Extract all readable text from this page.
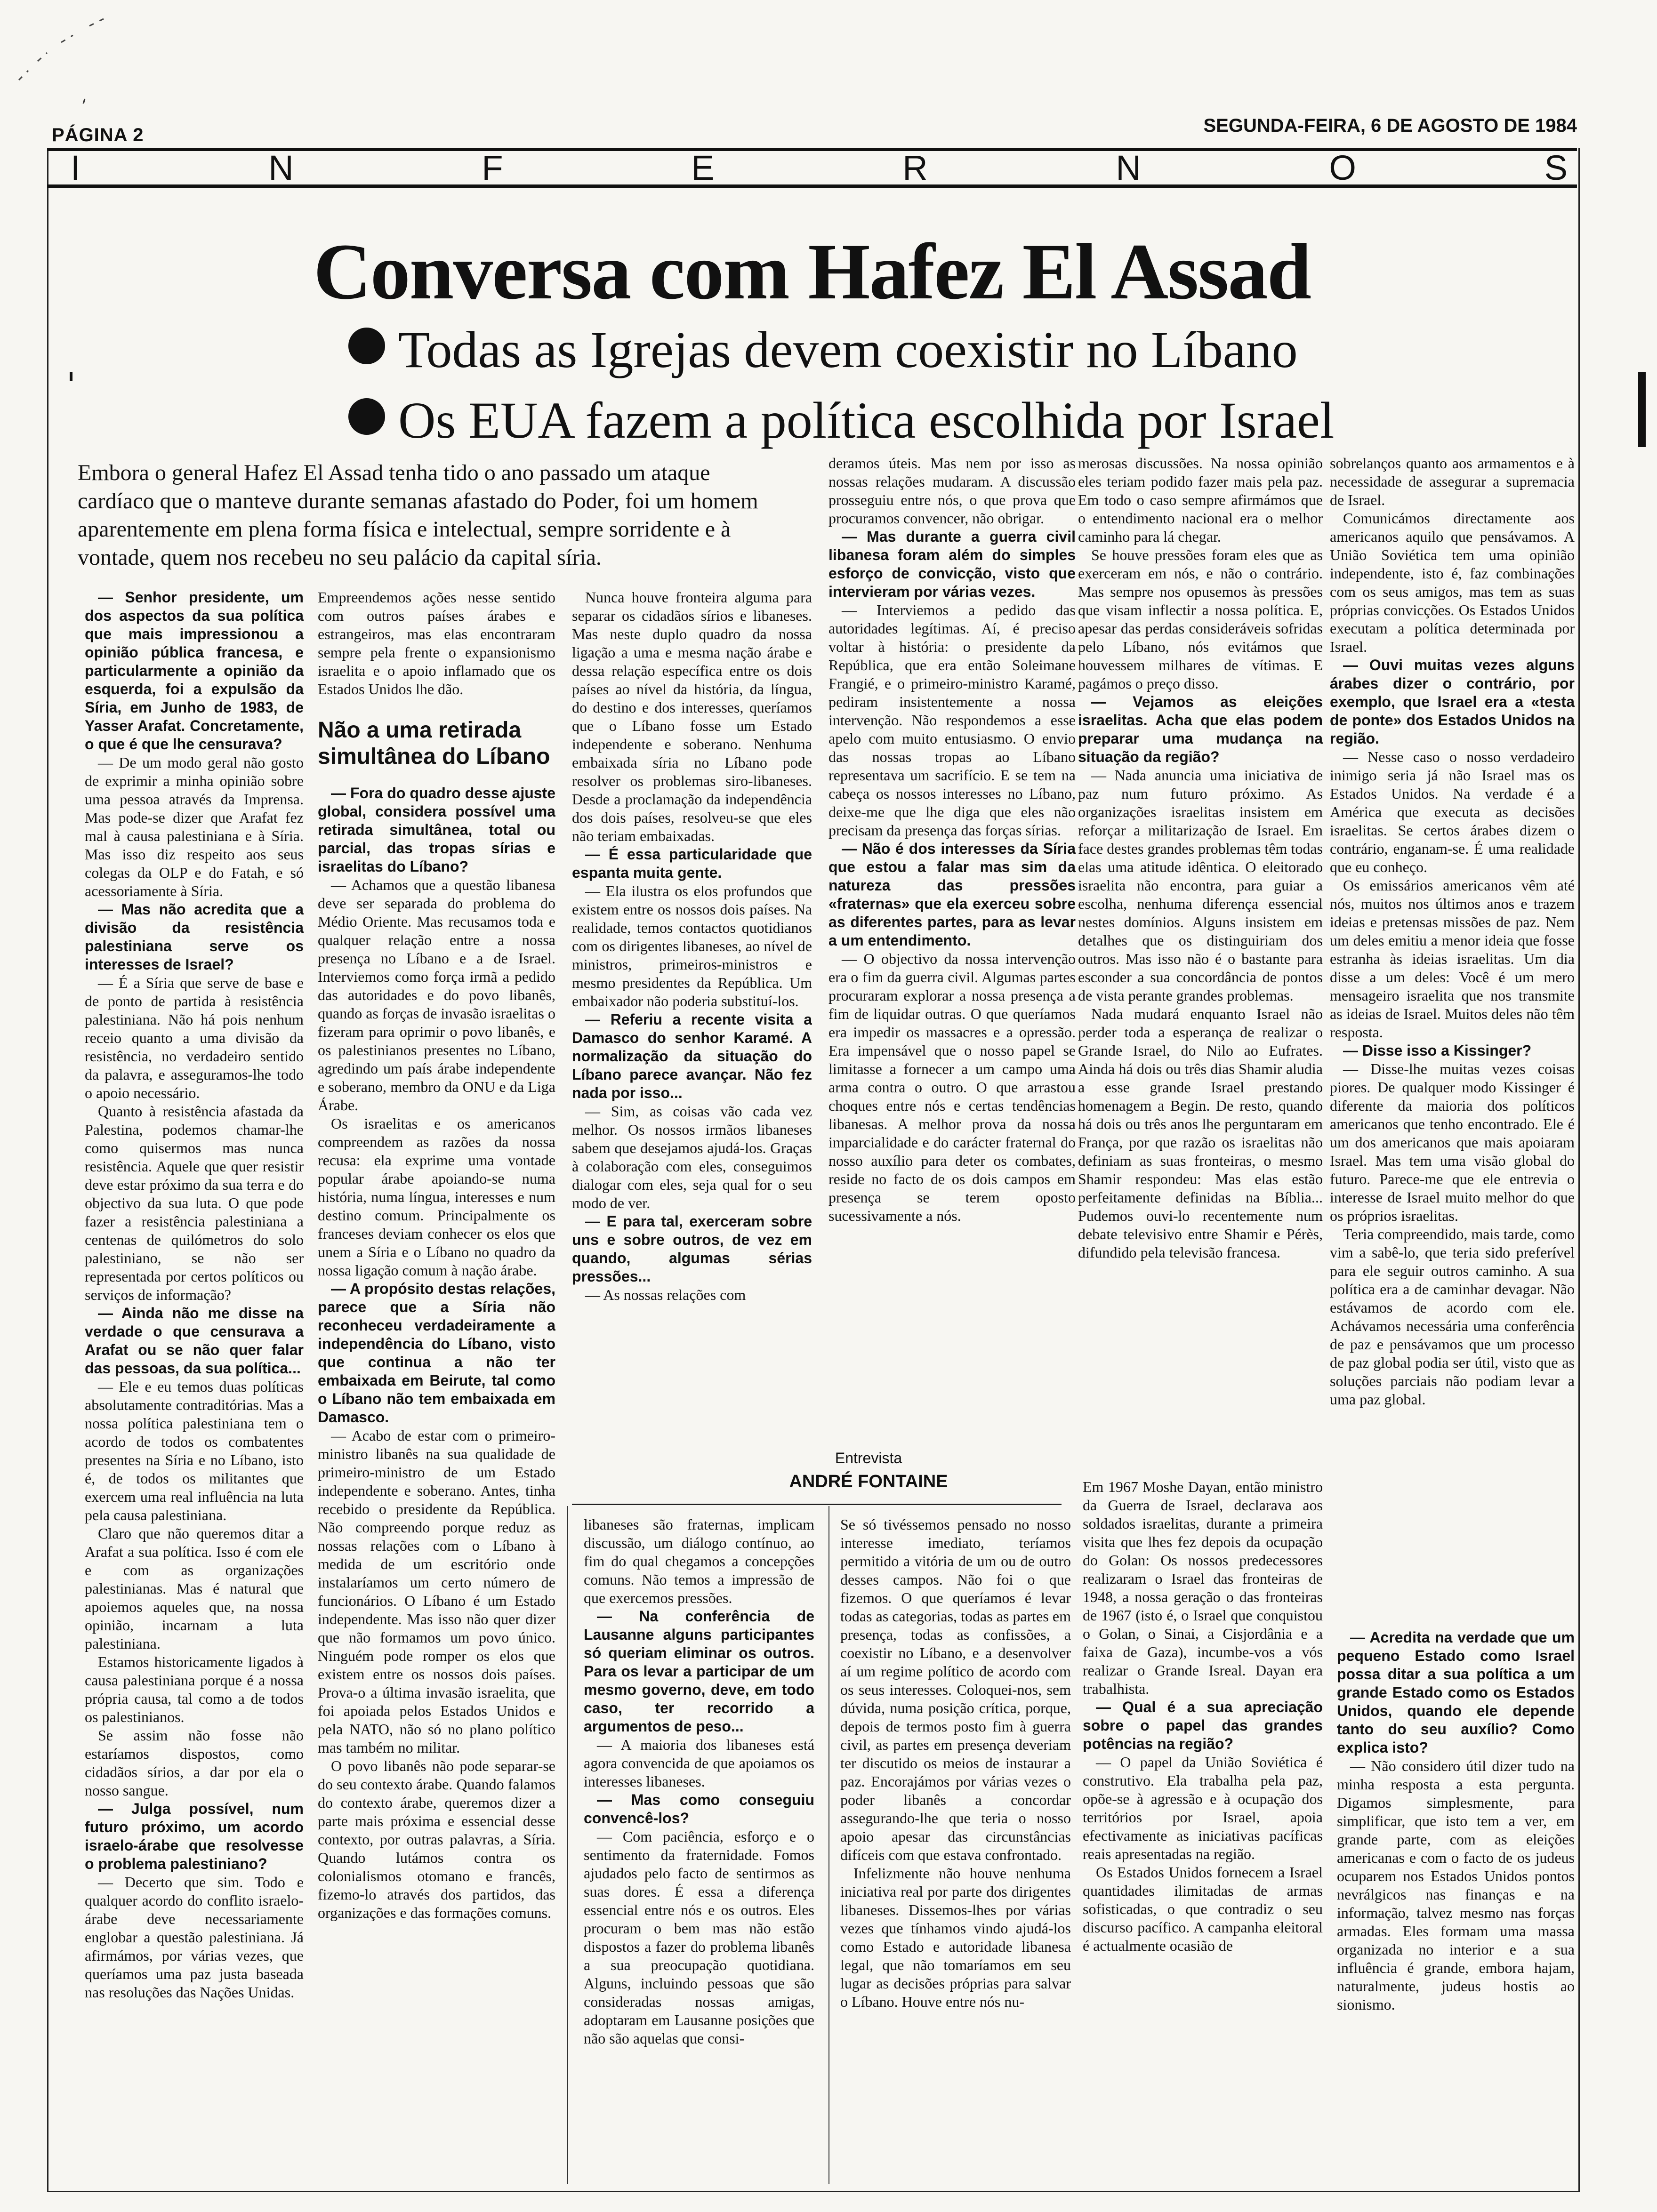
PÁGINA 2	SEGUNDA-FEIRA, 6 DE AGOSTO DE 1984
I	N	F	E	R	N	O	S
Conversa com Hafez El Assad
Todas as Igrejas devem coexistir no Líbano
Os EUA fazem a política escolhida por Israel
Embora o general Hafez El Assad tenha tido o ano passado um ataque cardíaco que o manteve durante semanas afastado do Poder, foi um homem aparentemente em plena forma física e intelectual, sempre sorridente e à vontade, quem nos recebeu no seu palácio da capital síria.

— Senhor presidente, um dos aspectos da sua política que mais impressionou a opinião pública francesa, e particularmente a opinião da esquerda, foi a expulsão da Síria, em Junho de 1983, de Yasser Arafat. Concretamente, o que é que lhe censurava?

— De um modo geral não gosto de exprimir a minha opinião sobre uma pessoa através da Imprensa. Mas pode-se dizer que Arafat fez mal à causa palestiniana e à Síria. Mas isso diz respeito aos seus colegas da OLP e do Fatah, e só acessoriamente à Síria.

— Mas não acredita que a divisão da resistência palestiniana serve os interesses de Israel?

— É a Síria que serve de base e de ponto de partida à resistência palestiniana. Não há pois nenhum receio quanto a uma divisão da resistência, no verdadeiro sentido da palavra, e asseguramos-lhe todo o apoio necessário.

Quanto à resistência afastada da Palestina, podemos chamar-lhe como quisermos mas nunca resistência. Aquele que quer resistir deve estar próximo da sua terra e do objectivo da sua luta. O que pode fazer a resistência palestiniana a centenas de quilómetros do solo palestiniano, se não ser representada por certos políticos ou serviços de informação?

— Ainda não me disse na verdade o que censurava a Arafat ou se não quer falar das pessoas, da sua política...

— Ele e eu temos duas políticas absolutamente contraditórias. Mas a nossa política palestiniana tem o acordo de todos os combatentes presentes na Síria e no Líbano, isto é, de todos os militantes que exercem uma real influência na luta pela causa palestiniana.

Claro que não queremos ditar a Arafat a sua política. Isso é com ele e com as organizações palestinianas. Mas é natural que apoiemos aqueles que, na nossa opinião, incarnam a luta palestiniana.

Estamos historicamente ligados à causa palestiniana porque é a nossa própria causa, tal como a de todos os palestinianos.

Se assim não fosse não estaríamos dispostos, como cidadãos sírios, a dar por ela o nosso sangue.

— Julga possível, num futuro próximo, um acordo israelo-árabe que resolvesse o problema palestiniano?

— Decerto que sim. Todo e qualquer acordo do conflito israelo-árabe deve necessariamente englobar a questão palestiniana. Já afirmámos, por várias vezes, que queríamos uma paz justa baseada nas resoluções das Nações Unidas.

Empreendemos ações nesse sentido com outros países árabes e estrangeiros, mas elas encontraram sempre pela frente o expansionismo israelita e o apoio inflamado que os Estados Unidos lhe dão.

Não a uma retirada simultânea do Líbano

— Fora do quadro desse ajuste global, considera possível uma retirada simultânea, total ou parcial, das tropas sírias e israelitas do Líbano?

— Achamos que a questão libanesa deve ser separada do problema do Médio Oriente. Mas recusamos toda e qualquer relação entre a nossa presença no Líbano e a de Israel. Interviemos como força irmã a pedido das autoridades e do povo libanês, quando as forças de invasão israelitas o fizeram para oprimir o povo libanês, e os palestinianos presentes no Líbano, agredindo um país árabe independente e soberano, membro da ONU e da Liga Árabe.

Os israelitas e os americanos compreendem as razões da nossa recusa: ela exprime uma vontade popular árabe apoiando-se numa história, numa língua, interesses e num destino comum. Principalmente os franceses deviam conhecer os elos que unem a Síria e o Líbano no quadro da nossa ligação comum à nação árabe.

— A propósito destas relações, parece que a Síria não reconheceu verdadeiramente a independência do Líbano, visto que continua a não ter embaixada em Beirute, tal como o Líbano não tem embaixada em Damasco.

— Acabo de estar com o primeiro-ministro libanês na sua qualidade de primeiro-ministro de um Estado independente e soberano. Antes, tinha recebido o presidente da República. Não compreendo porque reduz as nossas relações com o Líbano à medida de um escritório onde instalaríamos um certo número de funcionários. O Líbano é um Estado independente. Mas isso não quer dizer que não formamos um povo único. Ninguém pode romper os elos que existem entre os nossos dois países. Prova-o a última invasão israelita, que foi apoiada pelos Estados Unidos e pela NATO, não só no plano político mas também no militar.

O povo libanês não pode separar-se do seu contexto árabe. Quando falamos do contexto árabe, queremos dizer a parte mais próxima e essencial desse contexto, por outras palavras, a Síria. Quando lutámos contra os colonialismos otomano e francês, fizemo-lo através dos partidos, das organizações e das formações comuns.

Nunca houve fronteira alguma para separar os cidadãos sírios e libaneses. Mas neste duplo quadro da nossa ligação a uma e mesma nação árabe e dessa relação específica entre os dois países ao nível da história, da língua, do destino e dos interesses, queríamos que o Líbano fosse um Estado independente e soberano. Nenhuma embaixada síria no Líbano pode resolver os problemas siro-libaneses. Desde a proclamação da independência dos dois países, resolveu-se que eles não teriam embaixadas.

— É essa particularidade que espanta muita gente.

— Ela ilustra os elos profundos que existem entre os nossos dois países. Na realidade, temos contactos quotidianos com os dirigentes libaneses, ao nível de ministros, primeiros-ministros e mesmo presidentes da República. Um embaixador não poderia substituí-los.

— Referiu a recente visita a Damasco do senhor Karamé. A normalização da situação do Líbano parece avançar. Não fez nada por isso...

— Sim, as coisas vão cada vez melhor. Os nossos irmãos libaneses sabem que desejamos ajudá-los. Graças à colaboração com eles, conseguimos dialogar com eles, seja qual for o seu modo de ver.

— E para tal, exerceram sobre uns e sobre outros, de vez em quando, algumas sérias pressões...

— As nossas relações com

deramos úteis. Mas nem por isso as nossas relações mudaram. A discussão prosseguiu entre nós, o que prova que procuramos convencer, não obrigar.

— Mas durante a guerra civil libanesa foram além do simples esforço de convicção, visto que intervieram por várias vezes.

— Interviemos a pedido das autoridades legítimas. Aí, é preciso voltar à história: o presidente da República, que era então Soleimane Frangié, e o primeiro-ministro Karamé, pediram insistentemente a nossa intervenção. Não respondemos a esse apelo com muito entusiasmo. O envio das nossas tropas ao Líbano representava um sacrifício. E se tem na cabeça os nossos interesses no Líbano, deixe-me que lhe diga que eles não precisam da presença das forças sírias.

— Não é dos interesses da Síria que estou a falar mas sim da natureza das pressões «fraternas» que ela exerceu sobre as diferentes partes, para as levar a um entendimento.

— O objectivo da nossa intervenção era o fim da guerra civil. Algumas partes procuraram explorar a nossa presença a fim de liquidar outras. O que queríamos era impedir os massacres e a opressão. Era impensável que o nosso papel se limitasse a fornecer a um campo uma arma contra o outro. O que arrastou choques entre nós e certas tendências libanesas. A melhor prova da nossa imparcialidade e do carácter fraternal do nosso auxílio para deter os combates, reside no facto de os dois campos em presença se terem oposto sucessivamente a nós.

merosas discussões. Na nossa opinião eles teriam podido fazer mais pela paz. Em todo o caso sempre afirmámos que o entendimento nacional era o melhor caminho para lá chegar.

Se houve pressões foram eles que as exerceram em nós, e não o contrário. Mas sempre nos opusemos às pressões que visam inflectir a nossa política. E, apesar das perdas consideráveis sofridas pelo Líbano, nós evitámos que houvessem milhares de vítimas. E pagámos o preço disso.

— Vejamos as eleições israelitas. Acha que elas podem preparar uma mudança na situação da região?

— Nada anuncia uma iniciativa de paz num futuro próximo. As organizações israelitas insistem em reforçar a militarização de Israel. Em face destes grandes problemas têm todas elas uma atitude idêntica. O eleitorado israelita não encontra, para guiar a escolha, nenhuma diferença essencial nestes domínios. Alguns insistem em detalhes que os distinguiriam dos outros. Mas isso não é o bastante para esconder a sua concordância de pontos de vista perante grandes problemas.

Nada mudará enquanto Israel não perder toda a esperança de realizar o Grande Israel, do Nilo ao Eufrates. Ainda há dois ou três dias Shamir aludia a esse grande Israel prestando homenagem a Begin. De resto, quando há dois ou três anos lhe perguntaram em França, por que razão os israelitas não definiam as suas fronteiras, o mesmo Shamir respondeu: Mas elas estão perfeitamente definidas na Bíblia... Pudemos ouvi-lo recentemente num debate televisivo entre Shamir e Pérès, difundido pela televisão francesa.

sobrelanços quanto aos armamentos e à necessidade de assegurar a supremacia de Israel.

Comunicámos directamente aos americanos aquilo que pensávamos. A União Soviética tem uma opinião independente, isto é, faz combinações com os seus amigos, mas tem as suas próprias convicções. Os Estados Unidos executam a política determinada por Israel.

— Ouvi muitas vezes alguns árabes dizer o contrário, por exemplo, que Israel era a «testa de ponte» dos Estados Unidos na região.

— Nesse caso o nosso verdadeiro inimigo seria já não Israel mas os Estados Unidos. Na verdade é a América que executa as decisões israelitas. Se certos árabes dizem o contrário, enganam-se. É uma realidade que eu conheço.

Os emissários americanos vêm até nós, muitos nos últimos anos e trazem ideias e pretensas missões de paz. Nem um deles emitiu a menor ideia que fosse estranha às ideias israelitas. Um dia disse a um deles: Você é um mero mensageiro israelita que nos transmite as ideias de Israel. Muitos deles não têm resposta.

— Disse isso a Kissinger?

— Disse-lhe muitas vezes coisas piores. De qualquer modo Kissinger é diferente da maioria dos políticos americanos que tenho encontrado. Ele é um dos americanos que mais apoiaram Israel. Mas tem uma visão global do futuro. Parece-me que ele entrevia o interesse de Israel muito melhor do que os próprios israelitas.

Teria compreendido, mais tarde, como vim a sabê-lo, que teria sido preferível para ele seguir outros caminho. A sua política era a de caminhar devagar. Não estávamos de acordo com ele. Achávamos necessária uma conferência de paz e pensávamos que um processo de paz global podia ser útil, visto que as soluções parciais não podiam levar a uma paz global.

libaneses são fraternas, implicam discussão, um diálogo contínuo, ao fim do qual chegamos a concepções comuns. Não temos a impressão de que exercemos pressões.

— Na conferência de Lausanne alguns participantes só queriam eliminar os outros. Para os levar a participar de um mesmo governo, deve, em todo caso, ter recorrido a argumentos de peso...

— A maioria dos libaneses está agora convencida de que apoiamos os interesses libaneses.

— Mas como conseguiu convencê-los?

— Com paciência, esforço e o sentimento da fraternidade. Fomos ajudados pelo facto de sentirmos as suas dores. É essa a diferença essencial entre nós e os outros. Eles procuram o bem mas não estão dispostos a fazer do problema libanês a sua preocupação quotidiana. Alguns, incluindo pessoas que são consideradas nossas amigas, adoptaram em Lausanne posições que não são aquelas que consi-

Se só tivéssemos pensado no nosso interesse imediato, teríamos permitido a vitória de um ou de outro desses campos. Não foi o que fizemos. O que queríamos é levar todas as categorias, todas as partes em presença, todas as confissões, a coexistir no Líbano, e a desenvolver aí um regime político de acordo com os seus interesses. Coloquei-nos, sem dúvida, numa posição crítica, porque, depois de termos posto fim à guerra civil, as partes em presença deveriam ter discutido os meios de instaurar a paz. Encorajámos por várias vezes o poder libanês a concordar assegurando-lhe que teria o nosso apoio apesar das circunstâncias difíceis com que estava confrontado.

Infelizmente não houve nenhuma iniciativa real por parte dos dirigentes libaneses. Dissemos-lhes por várias vezes que tínhamos vindo ajudá-los como Estado e autoridade libanesa legal, que não tomaríamos em seu lugar as decisões próprias para salvar o Líbano. Houve entre nós nu-

Em 1967 Moshe Dayan, então ministro da Guerra de Israel, declarava aos soldados israelitas, durante a primeira visita que lhes fez depois da ocupação do Golan: Os nossos predecessores realizaram o Israel das fronteiras de 1948, a nossa geração o das fronteiras de 1967 (isto é, o Israel que conquistou o Golan, o Sinai, a Cisjordânia e a faixa de Gaza), incumbe-vos a vós realizar o Grande Isreal. Dayan era trabalhista.

— Qual é a sua apreciação sobre o papel das grandes potências na região?

— O papel da União Soviética é construtivo. Ela trabalha pela paz, opõe-se à agressão e à ocupação dos territórios por Israel, apoia efectivamente as iniciativas pacíficas reais apresentadas na região.

Os Estados Unidos fornecem a Israel quantidades ilimitadas de armas sofisticadas, o que contradiz o seu discurso pacífico. A campanha eleitoral é actualmente ocasião de

— Acredita na verdade que um pequeno Estado como Israel possa ditar a sua política a um grande Estado como os Estados Unidos, quando ele depende tanto do seu auxílio? Como explica isto?

— Não considero útil dizer tudo na minha resposta a esta pergunta. Digamos simplesmente, para simplificar, que isto tem a ver, em grande parte, com as eleições americanas e com o facto de os judeus ocuparem nos Estados Unidos pontos nevrálgicos nas finanças e na informação, talvez mesmo nas forças armadas. Eles formam uma massa organizada no interior e a sua influência é grande, embora hajam, naturalmente, judeus hostis ao sionismo.

Entrevista
ANDRÉ FONTAINE
